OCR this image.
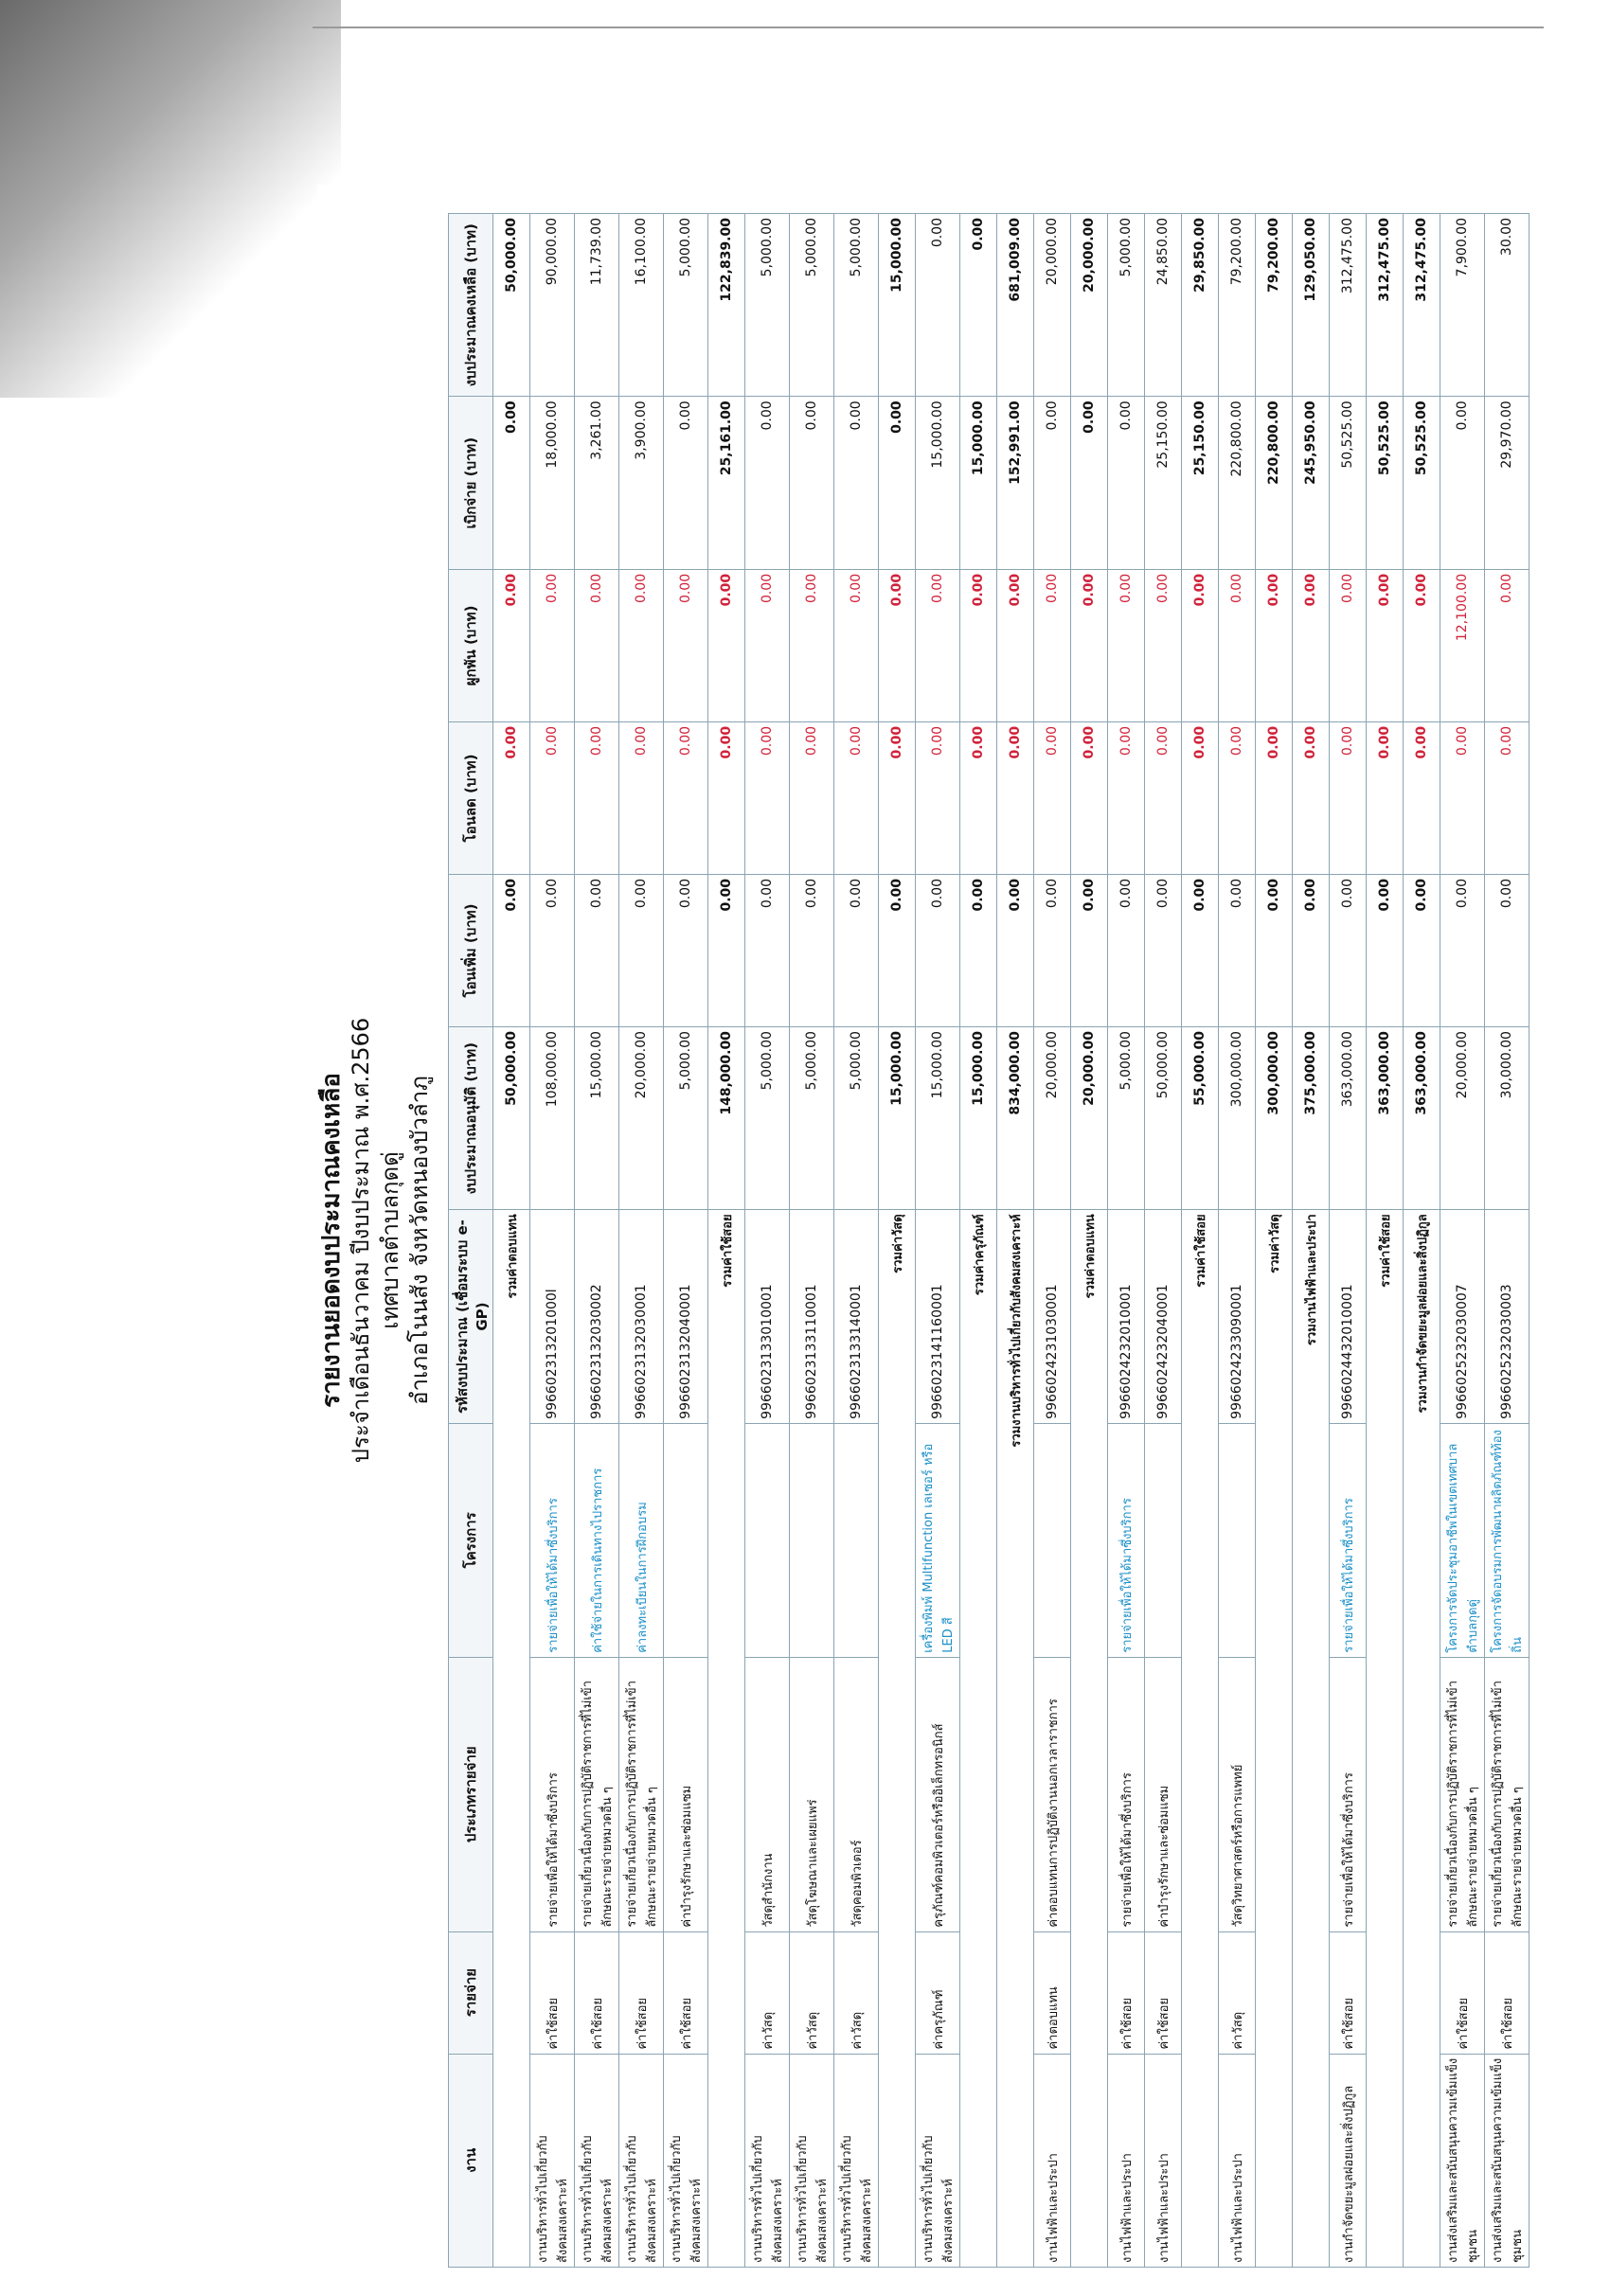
รายงานยอดงบประมาณคงเหลือ ประจำเดือนธันวาคม ปีงบประมาณ พ.ศ.2566 เทศบาลตำบลกุดดู่ อำเภอโนนสัง จังหวัดหนองบัวลำภู
งาน	รายจ่าย	ประเภทรายจ่าย	โครงการ	รหัสงบประมาณ (เชื่อมระบบ e-GP)	งบประมาณอนุมัติ (บาท)	โอนเพิ่ม (บาท)	โอนลด (บาท)	ผูกพัน (บาท)	เบิกจ่าย (บาท)	งบประมาณคงเหลือ (บาท)
รวมค่าตอบแทน					50,000.00	0.00	0.00	0.00	0.00	50,000.00
งานบริหารทั่วไปเกี่ยวกับสังคมสงเคราะห์	ค่าใช้สอย	รายจ่ายเพื่อให้ได้มาซึ่งบริการ	รายจ่ายเพื่อให้ได้มาซึ่งบริการ	996602313201000l	108,000.00	0.00	0.00	0.00	18,000.00	90,000.00
งานบริหารทั่วไปเกี่ยวกับสังคมสงเคราะห์	ค่าใช้สอย	รายจ่ายเกี่ยวเนื่องกับการปฏิบัติราชการที่ไม่เข้าลักษณะรายจ่ายหมวดอื่น ๆ	ค่าใช้จ่ายในการเดินทางไปราชการ	9966023132030002	15,000.00	0.00	0.00	0.00	3,261.00	11,739.00
งานบริหารทั่วไปเกี่ยวกับสังคมสงเคราะห์	ค่าใช้สอย	รายจ่ายเกี่ยวเนื่องกับการปฏิบัติราชการที่ไม่เข้าลักษณะรายจ่ายหมวดอื่น ๆ	ค่าลงทะเบียนในการฝึกอบรม	9966023132030001	20,000.00	0.00	0.00	0.00	3,900.00	16,100.00
งานบริหารทั่วไปเกี่ยวกับสังคมสงเคราะห์	ค่าใช้สอย	ค่าบำรุงรักษาและซ่อมแซม		9966023132040001	5,000.00	0.00	0.00	0.00	0.00	5,000.00
รวมค่าใช้สอย					148,000.00	0.00	0.00	0.00	25,161.00	122,839.00
งานบริหารทั่วไปเกี่ยวกับสังคมสงเคราะห์	ค่าวัสดุ	วัสดุสำนักงาน		9966023133010001	5,000.00	0.00	0.00	0.00	0.00	5,000.00
งานบริหารทั่วไปเกี่ยวกับสังคมสงเคราะห์	ค่าวัสดุ	วัสดุโฆษณาและเผยแพร่		9966023133110001	5,000.00	0.00	0.00	0.00	0.00	5,000.00
งานบริหารทั่วไปเกี่ยวกับสังคมสงเคราะห์	ค่าวัสดุ	วัสดุคอมพิวเตอร์		9966023133140001	5,000.00	0.00	0.00	0.00	0.00	5,000.00
รวมค่าวัสดุ					15,000.00	0.00	0.00	0.00	0.00	15,000.00
งานบริหารทั่วไปเกี่ยวกับสังคมสงเคราะห์	ค่าครุภัณฑ์	ครุภัณฑ์คอมพิวเตอร์หรืออิเล็กทรอนิกส์	เครื่องพิมพ์ Multifunction เลเซอร์ หรือ LED สี	9966023141160001	15,000.00	0.00	0.00	0.00	15,000.00	0.00
รวมค่าครุภัณฑ์					15,000.00	0.00	0.00	0.00	15,000.00	0.00
รวมงานบริหารทั่วไปเกี่ยวกับสังคมสงเคราะห์					834,000.00	0.00	0.00	0.00	152,991.00	681,009.00
งานไฟฟ้าและประปา	ค่าตอบแทน	ค่าตอบแทนการปฏิบัติงานนอกเวลาราชการ		9966024231030001	20,000.00	0.00	0.00	0.00	0.00	20,000.00
รวมค่าตอบแทน					20,000.00	0.00	0.00	0.00	0.00	20,000.00
งานไฟฟ้าและประปา	ค่าใช้สอย	รายจ่ายเพื่อให้ได้มาซึ่งบริการ	รายจ่ายเพื่อให้ได้มาซึ่งบริการ	9966024232010001	5,000.00	0.00	0.00	0.00	0.00	5,000.00
งานไฟฟ้าและประปา	ค่าใช้สอย	ค่าบำรุงรักษาและซ่อมแซม		9966024232040001	50,000.00	0.00	0.00	0.00	25,150.00	24,850.00
รวมค่าใช้สอย					55,000.00	0.00	0.00	0.00	25,150.00	29,850.00
งานไฟฟ้าและประปา	ค่าวัสดุ	วัสดุวิทยาศาสตร์หรือการแพทย์		9966024233090001	300,000.00	0.00	0.00	0.00	220,800.00	79,200.00
รวมค่าวัสดุ					300,000.00	0.00	0.00	0.00	220,800.00	79,200.00
รวมงานไฟฟ้าและประปา					375,000.00	0.00	0.00	0.00	245,950.00	129,050.00
งานกำจัดขยะมูลฝอยและสิ่งปฏิกูล	ค่าใช้สอย	รายจ่ายเพื่อให้ได้มาซึ่งบริการ	รายจ่ายเพื่อให้ได้มาซึ่งบริการ	9966024432010001	363,000.00	0.00	0.00	0.00	50,525.00	312,475.00
รวมค่าใช้สอย					363,000.00	0.00	0.00	0.00	50,525.00	312,475.00
รวมงานกำจัดขยะมูลฝอยและสิ่งปฏิกูล					363,000.00	0.00	0.00	0.00	50,525.00	312,475.00
งานส่งเสริมและสนับสนุนความเข้มแข็งชุมชน	ค่าใช้สอย	รายจ่ายเกี่ยวเนื่องกับการปฏิบัติราชการที่ไม่เข้าลักษณะรายจ่ายหมวดอื่น ๆ	โครงการจัดประชุมอาชีพในเขตเทศบาลตำบลกุดดู่	9966025232030007	20,000.00	0.00	0.00	12,100.00	0.00	7,900.00
งานส่งเสริมและสนับสนุนความเข้มแข็งชุมชน	ค่าใช้สอย	รายจ่ายเกี่ยวเนื่องกับการปฏิบัติราชการที่ไม่เข้าลักษณะรายจ่ายหมวดอื่น ๆ	โครงการจัดอบรมการพัฒนาผลิตภัณฑ์ท้องถิ่น	9966025232030003	30,000.00	0.00	0.00	0.00	29,970.00	30.00
